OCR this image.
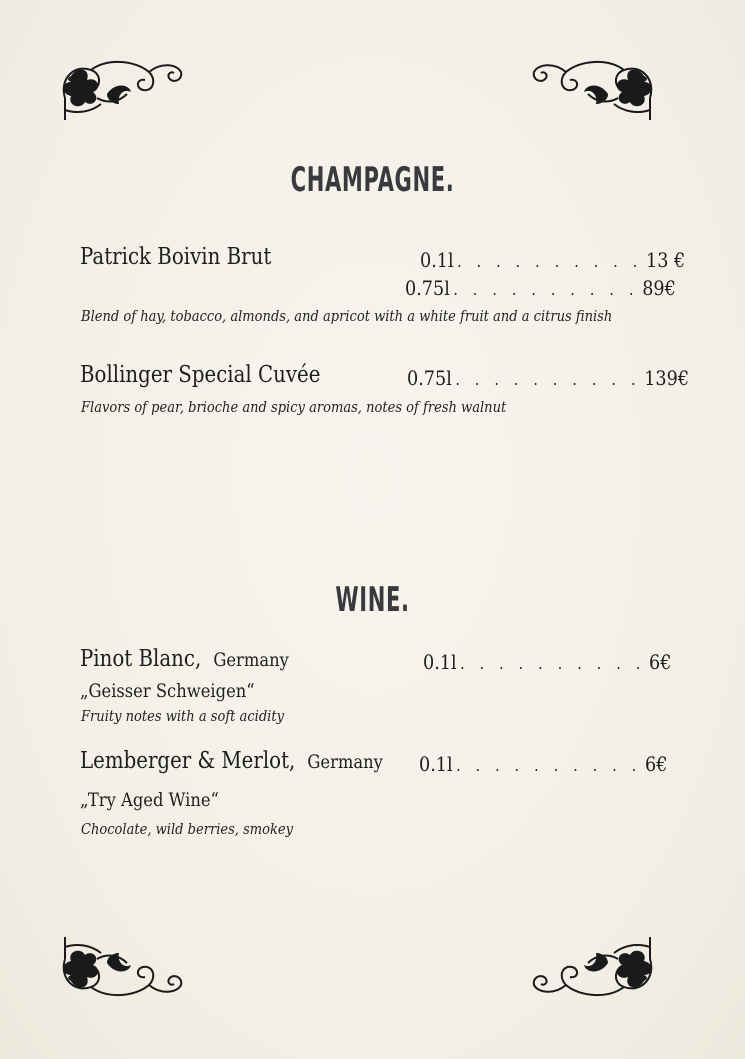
CHAMPAGNE.
Patrick Boivin Brut	0.1l . . . . . . . . . . 13 €
0.75l . . . . . . . . . . 89€
Blend of hay, tobacco, almonds, and apricot with a white fruit and a citrus finish
Bollinger Special Cuvée	0.75l . . . . . . . . . . 139€
Flavors of pear, brioche and spicy aromas, notes of fresh walnut
WINE.
Pinot Blanc, Germany	0.1l . . . . . . . . . . 6€
„Geisser Schweigen“
Fruity notes with a soft acidity
Lemberger & Merlot, Germany 0.1l . . . . . . . . . . 6€
„Try Aged Wine“
Chocolate, wild berries, smokey
